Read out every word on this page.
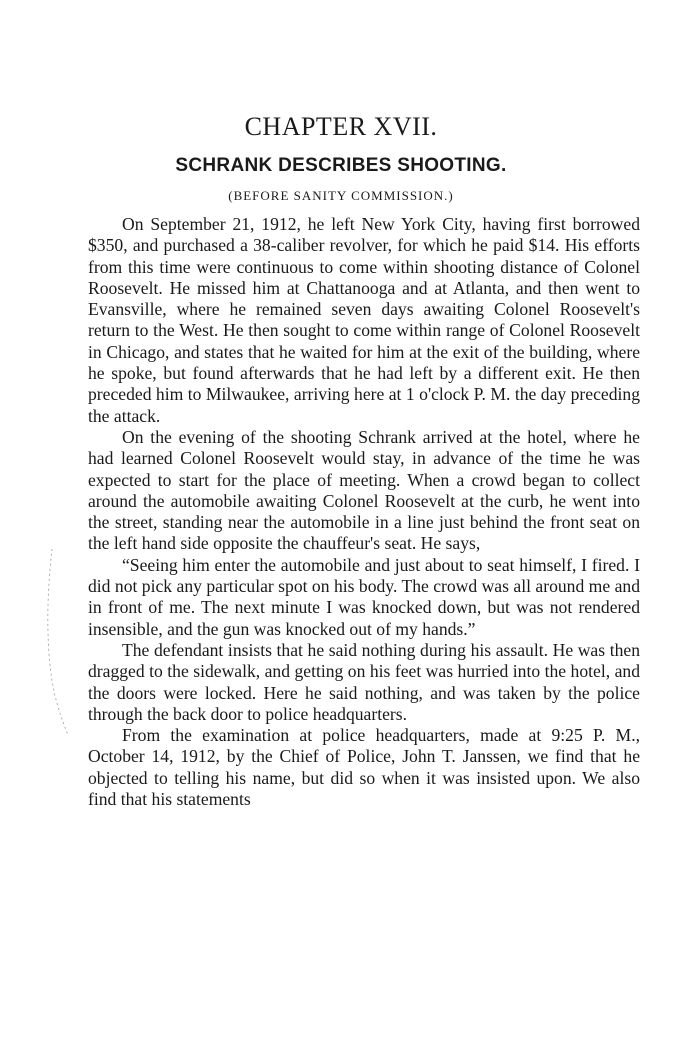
CHAPTER XVII.
SCHRANK DESCRIBES SHOOTING.
(BEFORE SANITY COMMISSION.)

On September 21, 1912, he left New York City, having first borrowed $350, and purchased a 38-caliber revolver, for which he paid $14. His efforts from this time were continuous to come within shooting distance of Colonel Roosevelt. He missed him at Chattanooga and at Atlanta, and then went to Evansville, where he remained seven days awaiting Colonel Roosevelt's return to the West. He then sought to come within range of Colonel Roosevelt in Chicago, and states that he waited for him at the exit of the building, where he spoke, but found afterwards that he had left by a different exit. He then preceded him to Milwaukee, arriving here at 1 o'clock P. M. the day preceding the attack.

On the evening of the shooting Schrank arrived at the hotel, where he had learned Colonel Roosevelt would stay, in advance of the time he was expected to start for the place of meeting. When a crowd began to collect around the automobile awaiting Colonel Roosevelt at the curb, he went into the street, standing near the automobile in a line just behind the front seat on the left hand side opposite the chauffeur's seat. He says,

“Seeing him enter the automobile and just about to seat himself, I fired. I did not pick any particular spot on his body. The crowd was all around me and in front of me. The next minute I was knocked down, but was not rendered insensible, and the gun was knocked out of my hands.”

The defendant insists that he said nothing during his assault. He was then dragged to the sidewalk, and getting on his feet was hurried into the hotel, and the doors were locked. Here he said nothing, and was taken by the police through the back door to police headquarters.

From the examination at police headquarters, made at 9:25 P. M., October 14, 1912, by the Chief of Police, John T. Janssen, we find that he objected to telling his name, but did so when it was insisted upon. We also find that his statements
